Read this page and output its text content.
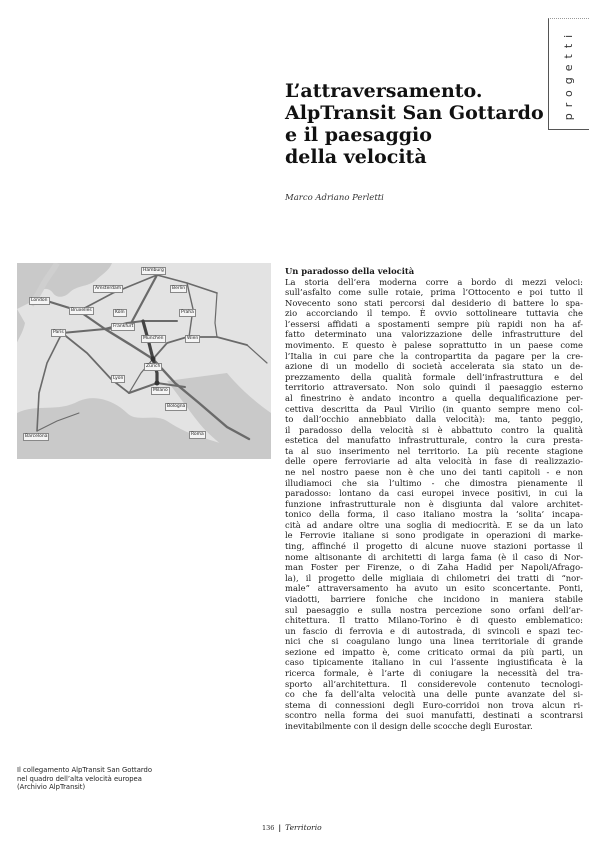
progetti
L’attraversamento.
AlpTransit San Gottardo
e il paesaggio
della velocità
Marco Adriano Perletti
Hamburg
Berlin
Amsterdam
London
Bruxelles	Köln	Praha
Frankfurt
Paris
München	Wien
Zürich
Lyon
Milano
Bologna
Barcelona	Roma
Il collegamento AlpTransit San Gottardo
nel quadro dell’alta velocità europea
(Archivio AlpTransit)
Un paradosso della velocità
La storia dell’era moderna corre a bordo di mezzi veloci:
sull’asfalto come sulle rotaie, prima l’Ottocento e poi tutto il
Novecento sono stati percorsi dal desiderio di battere lo spa-
zio accorciando il tempo. È ovvio sottolineare tuttavia che
l’essersi affidati a spostamenti sempre più rapidi non ha af-
fatto determinato una valorizzazione delle infrastrutture del
movimento. E questo è palese soprattutto in un paese come
l’Italia in cui pare che la contropartita da pagare per la cre-
azione di un modello di società accelerata sia stato un de-
prezzamento della qualità formale dell’infrastruttura e del
territorio attraversato. Non solo quindi il paesaggio esterno
al finestrino è andato incontro a quella dequalificazione per-
cettiva descritta da Paul Virilio (in quanto sempre meno col-
to dall’occhio annebbiato dalla velocità): ma, tanto peggio,
il paradosso della velocità si è abbattuto contro la qualità
estetica del manufatto infrastrutturale, contro la cura presta-
ta al suo inserimento nel territorio. La più recente stagione
delle opere ferroviarie ad alta velocità in fase di realizzazio-
ne nel nostro paese non è che uno dei tanti capitoli - e non
illudiamoci che sia l’ultimo - che dimostra pienamente il
paradosso: lontano da casi europei invece positivi, in cui la
funzione infrastrutturale non è disgiunta dal valore architet-
tonico della forma, il caso italiano mostra la ‘solita’ incapa-
cità ad andare oltre una soglia di mediocrità. E se da un lato
le Ferrovie italiane si sono prodigate in operazioni di marke-
ting, affinché il progetto di alcune nuove stazioni portasse il
nome altisonante di architetti di larga fama (è il caso di Nor-
man Foster per Firenze, o di Zaha Hadid per Napoli/Afrago-
la), il progetto delle migliaia di chilometri dei tratti di “nor-
male” attraversamento ha avuto un esito sconcertante. Ponti,
viadotti, barriere foniche che incidono in maniera stabile
sul paesaggio e sulla nostra percezione sono orfani dell’ar-
chitettura. Il tratto Milano-Torino è di questo emblematico:
un fascio di ferrovia e di autostrada, di svincoli e spazi tec-
nici che si coagulano lungo una linea territoriale di grande
sezione ed impatto è, come criticato ormai da più parti, un
caso tipicamente italiano in cui l’assente ingiustificata è la
ricerca formale, è l’arte di coniugare la necessità del tra-
sporto all’architettura. Il considerevole contenuto tecnologi-
co che fa dell’alta velocità una delle punte avanzate del si-
stema di connessioni degli Euro-corridoi non trova alcun ri-
scontro nella forma dei suoi manufatti, destinati a scontrarsi
inevitabilmente con il design delle scocche degli Eurostar.
136 | Territorio
